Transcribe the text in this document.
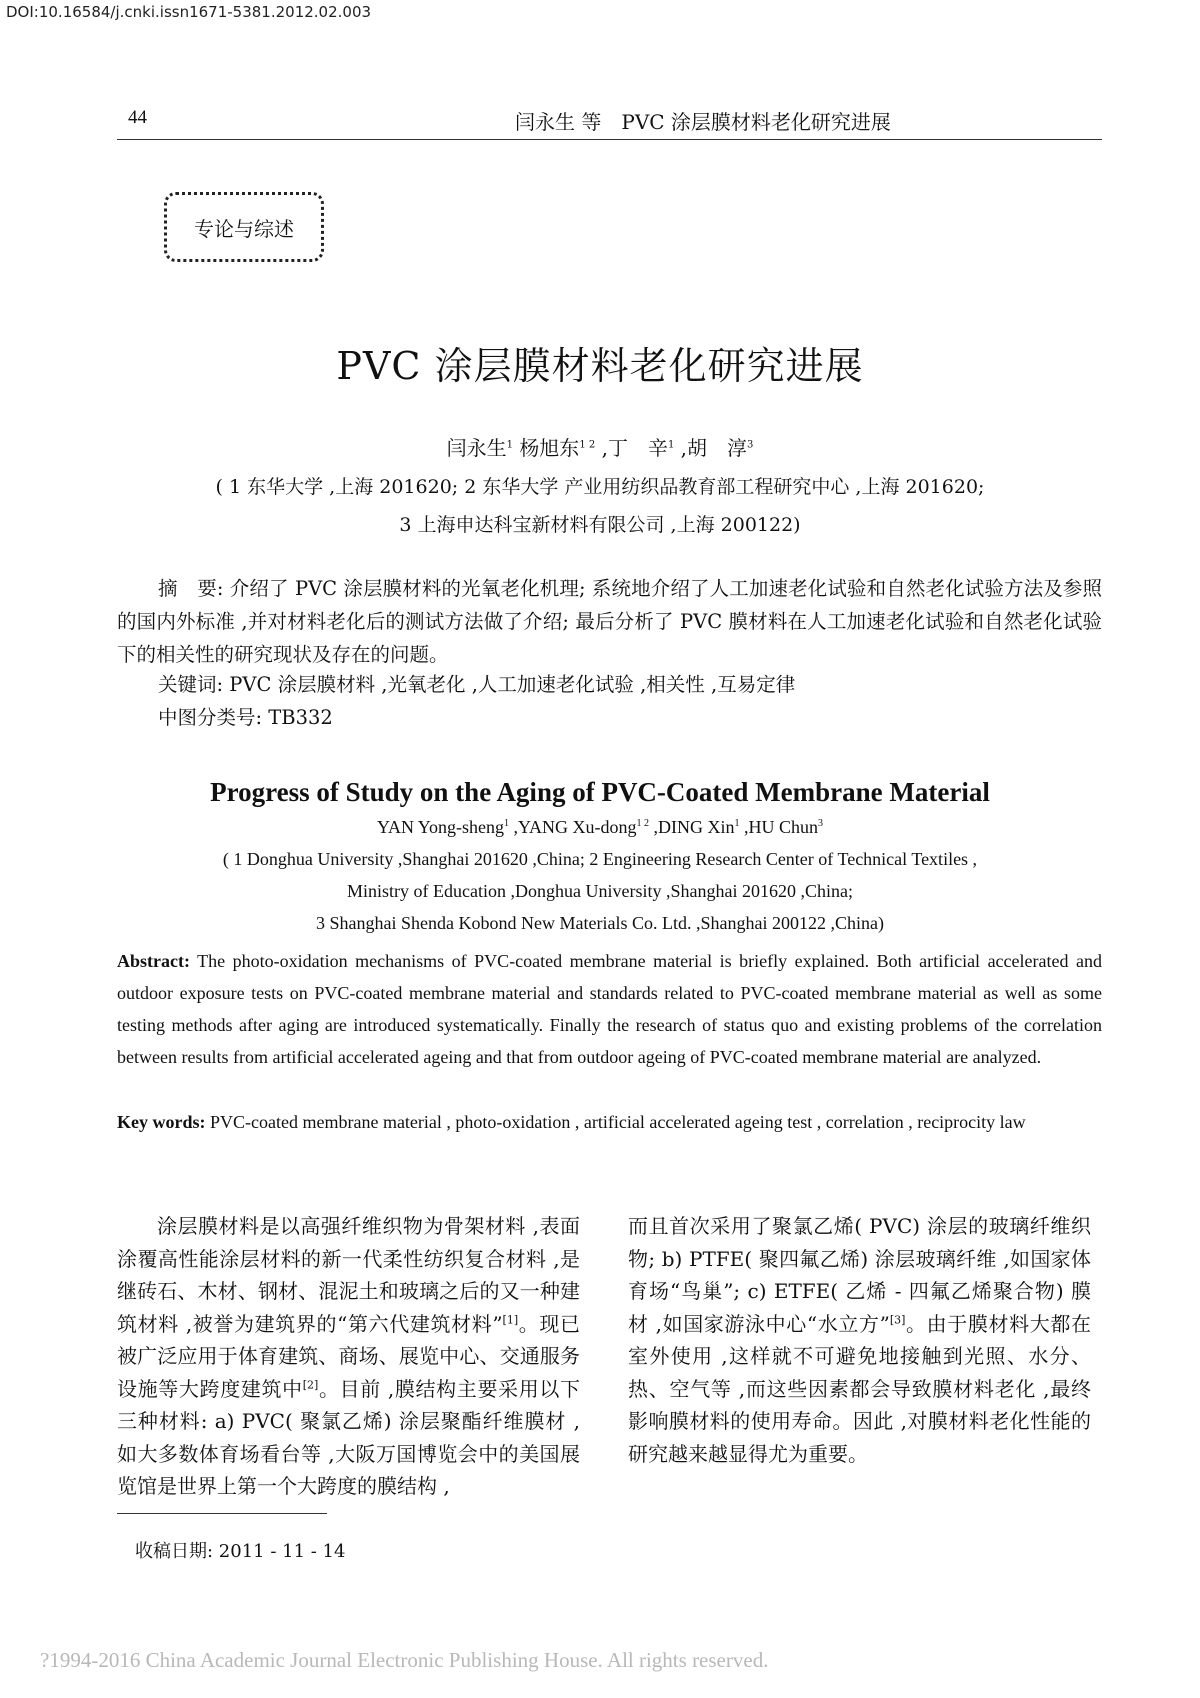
DOI:10.16584/j.cnki.issn1671-5381.2012.02.003
44	闫永生 等　PVC 涂层膜材料老化研究进展
专论与综述
PVC 涂层膜材料老化研究进展
闫永生$^1$ 杨旭东$^{1 2}$ ,丁　辛$^1$ ,胡　淳$^3$
( 1 东华大学 ,上海 201620; 2 东华大学 产业用纺织品教育部工程研究中心 ,上海 201620;
3 上海申达科宝新材料有限公司 ,上海 200122)
摘　要: 介绍了 PVC 涂层膜材料的光氧老化机理; 系统地介绍了人工加速老化试验和自然老化试验方法及参照的国内外标准 ,并对材料老化后的测试方法做了介绍; 最后分析了 PVC 膜材料在人工加速老化试验和自然老化试验下的相关性的研究现状及存在的问题。
关键词: PVC 涂层膜材料 ,光氧老化 ,人工加速老化试验 ,相关性 ,互易定律
中图分类号: TB332
Progress of Study on the Aging of PVC-Coated Membrane Material
YAN Yong-sheng$^1$ ,YANG Xu-dong$^{1 2}$ ,DING Xin$^1$ ,HU Chun$^3$
( 1 Donghua University ,Shanghai 201620 ,China; 2 Engineering Research Center of Technical Textiles ,
Ministry of Education ,Donghua University ,Shanghai 201620 ,China;
3 Shanghai Shenda Kobond New Materials Co. Ltd. ,Shanghai 200122 ,China)
Abstract: The photo-oxidation mechanisms of PVC-coated membrane material is briefly explained. Both artificial accelerated and outdoor exposure tests on PVC-coated membrane material and standards related to PVC-coated membrane material as well as some testing methods after aging are introduced systematically. Finally the research of status quo and existing problems of the correlation between results from artificial accelerated ageing and that from outdoor ageing of PVC-coated membrane material are analyzed.
Key words: PVC-coated membrane material , photo-oxidation , artificial accelerated ageing test , correlation , reciprocity law
涂层膜材料是以高强纤维织物为骨架材料 ,表面涂覆高性能涂层材料的新一代柔性纺织复合材料 ,是继砖石、木材、钢材、混泥土和玻璃之后的又一种建筑材料 ,被誉为建筑界的“第六代建筑材料”[1]。现已被广泛应用于体育建筑、商场、展览中心、交通服务设施等大跨度建筑中[2]。目前 ,膜结构主要采用以下三种材料: a) PVC( 聚氯乙烯) 涂层聚酯纤维膜材 ,如大多数体育场看台等 ,大阪万国博览会中的美国展览馆是世界上第一个大跨度的膜结构 ,
而且首次采用了聚氯乙烯( PVC) 涂层的玻璃纤维织物; b) PTFE( 聚四氟乙烯) 涂层玻璃纤维 ,如国家体育场“鸟巢”; c) ETFE( 乙烯 - 四氟乙烯聚合物) 膜材 ,如国家游泳中心“水立方”[3]。由于膜材料大都在室外使用 ,这样就不可避免地接触到光照、水分、热、空气等 ,而这些因素都会导致膜材料老化 ,最终影响膜材料的使用寿命。因此 ,对膜材料老化性能的研究越来越显得尤为重要。
收稿日期: 2011 - 11 - 14
?1994-2016 China Academic Journal Electronic Publishing House. All rights reserved.
